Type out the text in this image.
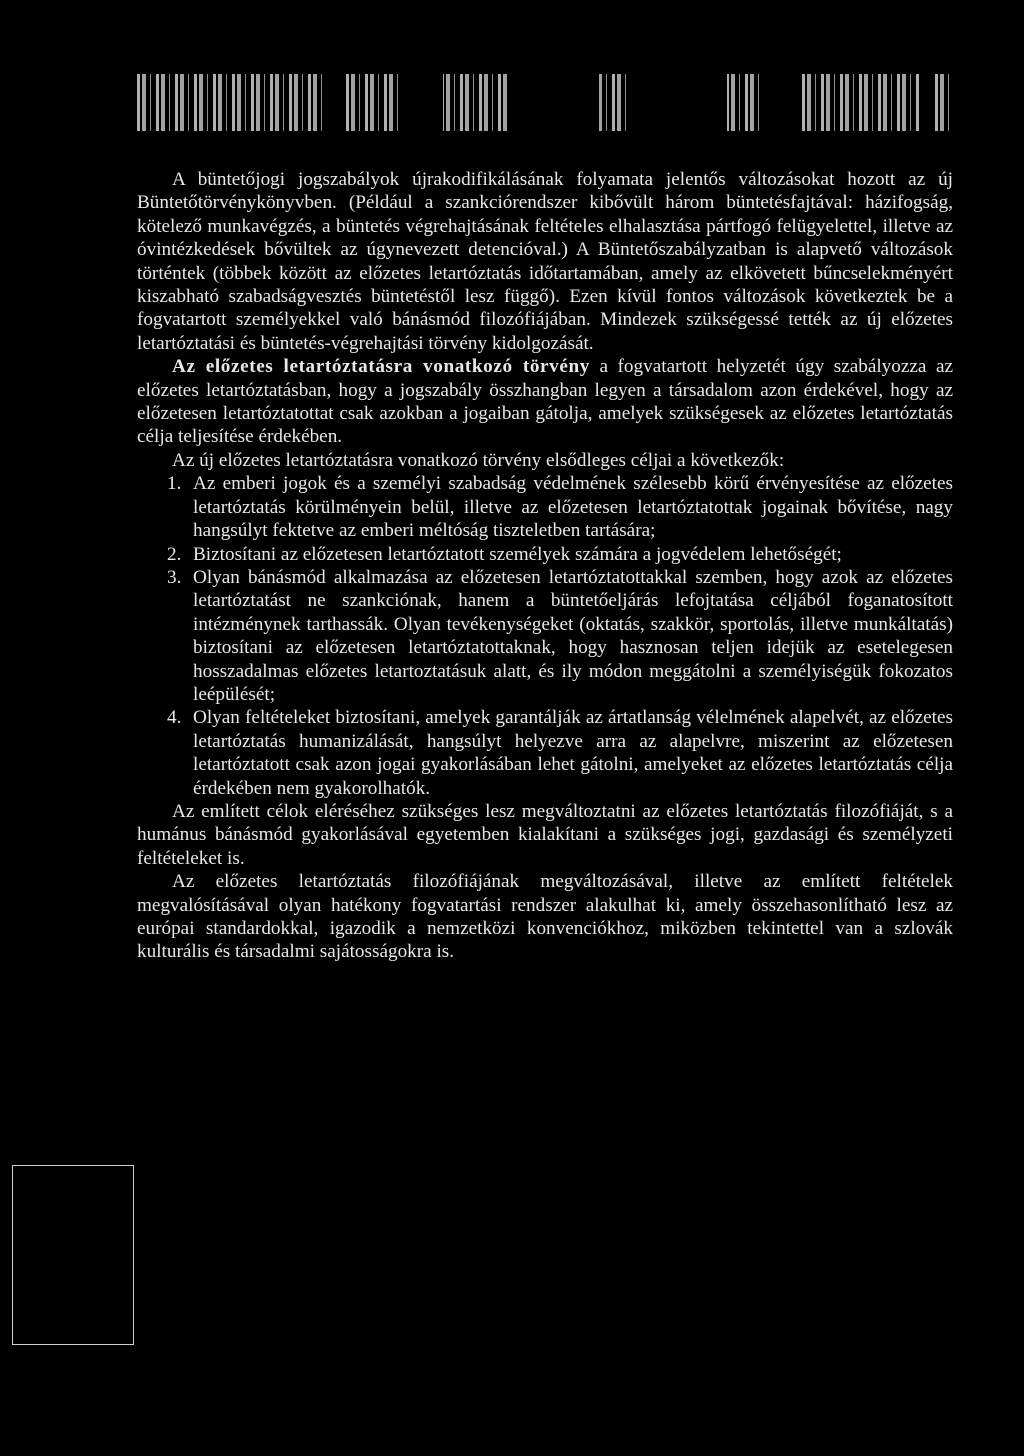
A büntetőjogi jogszabályok újrakodifikálásának folyamata jelentős változásokat hozott az új Büntetőtörvénykönyvben. (Például a szankciórendszer kibővült három büntetésfajtával: házifogság, kötelező munkavégzés, a büntetés végrehajtásának feltételes elhalasztása pártfogó felügyelettel, illetve az óvintézkedések bővültek az úgynevezett detencióval.) A Büntetőszabályzatban is alapvető változások történtek (többek között az előzetes letartóztatás időtartamában, amely az elkövetett bűncselekményért kiszabható szabadságvesztés büntetéstől lesz függő). Ezen kívül fontos változások következtek be a fogvatartott személyekkel való bánásmód filozófiájában. Mindezek szükségessé tették az új előzetes letartóztatási és büntetés-végrehajtási törvény kidolgozását.

Az előzetes letartóztatásra vonatkozó törvény a fogvatartott helyzetét úgy szabályozza az előzetes letartóztatásban, hogy a jogszabály összhangban legyen a társadalom azon érdekével, hogy az előzetesen letartóztatottat csak azokban a jogaiban gátolja, amelyek szükségesek az előzetes letartóztatás célja teljesítése érdekében.

Az új előzetes letartóztatásra vonatkozó törvény elsődleges céljai a következők:

1. Az emberi jogok és a személyi szabadság védelmének szélesebb körű érvényesítése az előzetes letartóztatás körülményein belül, illetve az előzetesen letartóztatottak jogainak bővítése, nagy hangsúlyt fektetve az emberi méltóság tiszteletben tartására;
2. Biztosítani az előzetesen letartóztatott személyek számára a jogvédelem lehetőségét;
3. Olyan bánásmód alkalmazása az előzetesen letartóztatottakkal szemben, hogy azok az előzetes letartóztatást ne szankciónak, hanem a büntetőeljárás lefojtatása céljából foganatosított intézménynek tarthassák. Olyan tevékenységeket (oktatás, szakkör, sportolás, illetve munkáltatás) biztosítani az előzetesen letartóztatottaknak, hogy hasznosan teljen idejük az esetelegesen hosszadalmas előzetes letartoztatásuk alatt, és ily módon meggátolni a személyiségük fokozatos leépülését;
4. Olyan feltételeket biztosítani, amelyek garantálják az ártatlanság vélelmének alapelvét, az előzetes letartóztatás humanizálását, hangsúlyt helyezve arra az alapelvre, miszerint az előzetesen letartóztatott csak azon jogai gyakorlásában lehet gátolni, amelyeket az előzetes letartóztatás célja érdekében nem gyakorolhatók.

Az említett célok eléréséhez szükséges lesz megváltoztatni az előzetes letartóztatás filozófiáját, s a humánus bánásmód gyakorlásával egyetemben kialakítani a szükséges jogi, gazdasági és személyzeti feltételeket is.

Az előzetes letartóztatás filozófiájának megváltozásával, illetve az említett feltételek megvalósításával olyan hatékony fogvatartási rendszer alakulhat ki, amely összehasonlítható lesz az európai standardokkal, igazodik a nemzetközi konvenciókhoz, miközben tekintettel van a szlovák kulturális és társadalmi sajátosságokra is.
